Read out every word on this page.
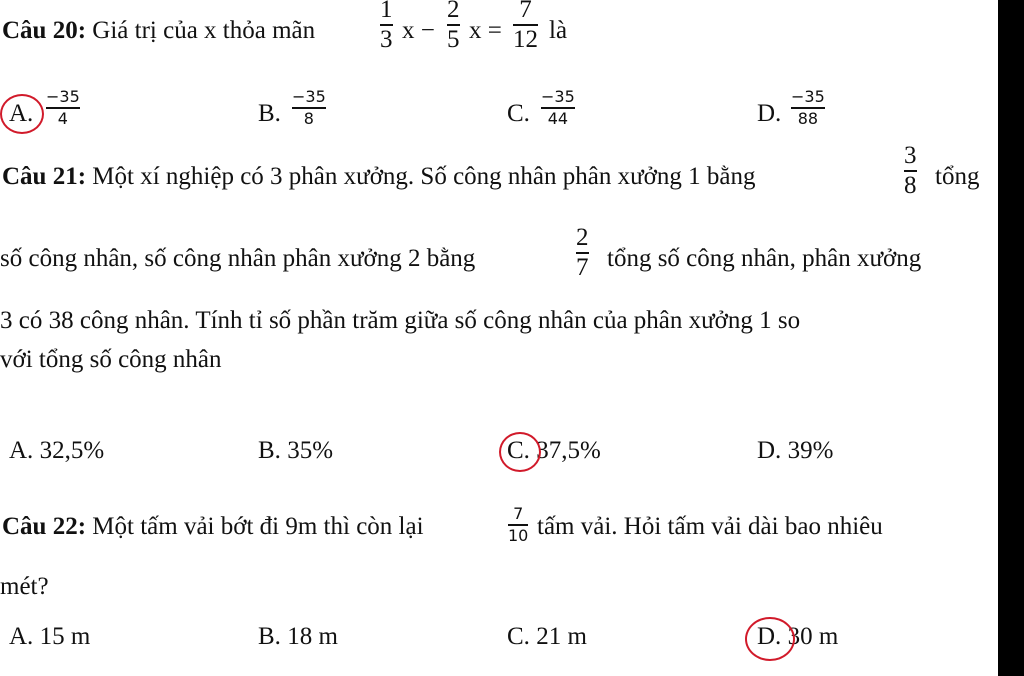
Câu 20: Giá trị của x thỏa mãn
1
3 x −
2
5 x =
7
12 là
A.
−35
4	B.
−35
8	C.
−35
44	D.
−35
88
Câu 21: Một xí nghiệp có 3 phân xưởng. Số công nhân phân xưởng 1 bằng
3
8 tổng
số công nhân, số công nhân phân xưởng 2 bằng
2
7 tổng số công nhân, phân xưởng
3 có 38 công nhân. Tính tỉ số phần trăm giữa số công nhân của phân xưởng 1 so
với tổng số công nhân
A. 32,5%	B. 35%	C. 37,5%	D. 39%
Câu 22: Một tấm vải bớt đi 9m thì còn lại	7
10 tấm vải. Hỏi tấm vải dài bao nhiêu
mét?
A. 15 m	B. 18 m	C. 21 m	D. 30 m
